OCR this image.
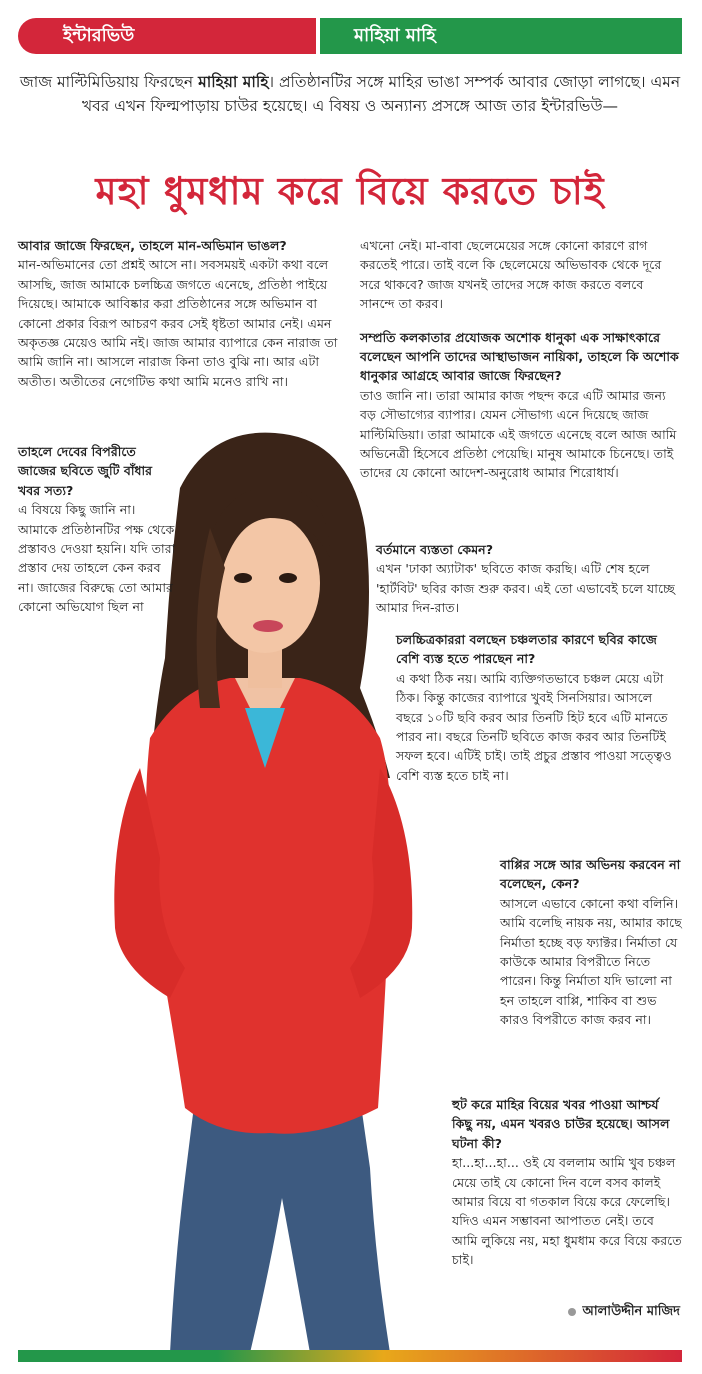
ইন্টারভিউ	মাহিয়া মাহি
জাজ মাল্টিমিডিয়ায় ফিরছেন মাহিয়া মাহি। প্রতিষ্ঠানটির সঙ্গে মাহির ভাঙা সম্পর্ক আবার জোড়া লাগছে। এমন খবর এখন ফিল্মপাড়ায় চাউর হয়েছে। এ বিষয় ও অন্যান্য প্রসঙ্গে আজ তার ইন্টারভিউ—
মহা ধুমধাম করে বিয়ে করতে চাই
আবার জাজে ফিরছেন, তাহলে মান-অভিমান ভাঙল?
মান-অভিমানের তো প্রশ্নই আসে না। সবসময়ই একটা কথা বলে আসছি, জাজ আমাকে চলচ্চিত্র জগতে এনেছে, প্রতিষ্ঠা পাইয়ে দিয়েছে। আমাকে আবিষ্কার করা প্রতিষ্ঠানের সঙ্গে অভিমান বা কোনো প্রকার বিরূপ আচরণ করব সেই ধৃষ্টতা আমার নেই। এমন অকৃতজ্ঞ মেয়েও আমি নই। জাজ আমার ব্যাপারে কেন নারাজ তা আমি জানি না। আসলে নারাজ কিনা তাও বুঝি না। আর এটা অতীত। অতীতের নেগেটিভ কথা আমি মনেও রাখি না।
তাহলে দেবের বিপরীতে জাজের ছবিতে জুটি বাঁধার খবর সত্য?
এ বিষয়ে কিছু জানি না। আমাকে প্রতিষ্ঠানটির পক্ষ থেকে প্রস্তাবও দেওয়া হয়নি। যদি তারা প্রস্তাব দেয় তাহলে কেন করব না। জাজের বিরুদ্ধে তো আমার কোনো অভিযোগ ছিল না
এখনো নেই। মা-বাবা ছেলেমেয়ের সঙ্গে কোনো কারণে রাগ করতেই পারে। তাই বলে কি ছেলেমেয়ে অভিভাবক থেকে দূরে সরে থাকবে? জাজ যখনই তাদের সঙ্গে কাজ করতে বলবে সানন্দে তা করব।
সম্প্রতি কলকাতার প্রযোজক অশোক ধানুকা এক সাক্ষাৎকারে বলেছেন আপনি তাদের আস্থাভাজন নায়িকা, তাহলে কি অশোক ধানুকার আগ্রহে আবার জাজে ফিরছেন?
তাও জানি না। তারা আমার কাজ পছন্দ করে এটি আমার জন্য বড় সৌভাগ্যের ব্যাপার। যেমন সৌভাগ্য এনে দিয়েছে জাজ মাল্টিমিডিয়া। তারা আমাকে এই জগতে এনেছে বলে আজ আমি অভিনেত্রী হিসেবে প্রতিষ্ঠা পেয়েছি। মানুষ আমাকে চিনেছে। তাই তাদের যে কোনো আদেশ-অনুরোধ আমার শিরোধার্য।
বর্তমানে ব্যস্ততা কেমন?
এখন 'ঢাকা অ্যাটাক' ছবিতে কাজ করছি। এটি শেষ হলে 'হার্টবিট' ছবির কাজ শুরু করব। এই তো এভাবেই চলে যাচ্ছে আমার দিন-রাত।
চলচ্চিত্রকাররা বলছেন চঞ্চলতার কারণে ছবির কাজে বেশি ব্যস্ত হতে পারছেন না?
এ কথা ঠিক নয়। আমি ব্যক্তিগতভাবে চঞ্চল মেয়ে এটা ঠিক। কিন্তু কাজের ব্যাপারে খুবই সিনসিয়ার। আসলে বছরে ১০টি ছবি করব আর তিনটি হিট হবে এটি মানতে পারব না। বছরে তিনটি ছবিতে কাজ করব আর তিনটিই সফল হবে। এটিই চাই। তাই প্রচুর প্রস্তাব পাওয়া সত্ত্বেও বেশি ব্যস্ত হতে চাই না।
বাপ্পির সঙ্গে আর অভিনয় করবেন না বলেছেন, কেন?
আসলে এভাবে কোনো কথা বলিনি। আমি বলেছি নায়ক নয়, আমার কাছে নির্মাতা হচ্ছে বড় ফ্যাক্টর। নির্মাতা যে কাউকে আমার বিপরীতে নিতে পারেন। কিন্তু নির্মাতা যদি ভালো না হন তাহলে বাপ্পি, শাকিব বা শুভ কারও বিপরীতে কাজ করব না।
হুট করে মাহির বিয়ের খবর পাওয়া আশ্চর্য কিছু নয়, এমন খবরও চাউর হয়েছে। আসল ঘটনা কী?
হা...হা...হা... ওই যে বললাম আমি খুব চঞ্চল মেয়ে তাই যে কোনো দিন বলে বসব কালই আমার বিয়ে বা গতকাল বিয়ে করে ফেলেছি। যদিও এমন সম্ভাবনা আপাতত নেই। তবে আমি লুকিয়ে নয়, মহা ধুমধাম করে বিয়ে করতে চাই।
আলাউদ্দীন মাজিদ
